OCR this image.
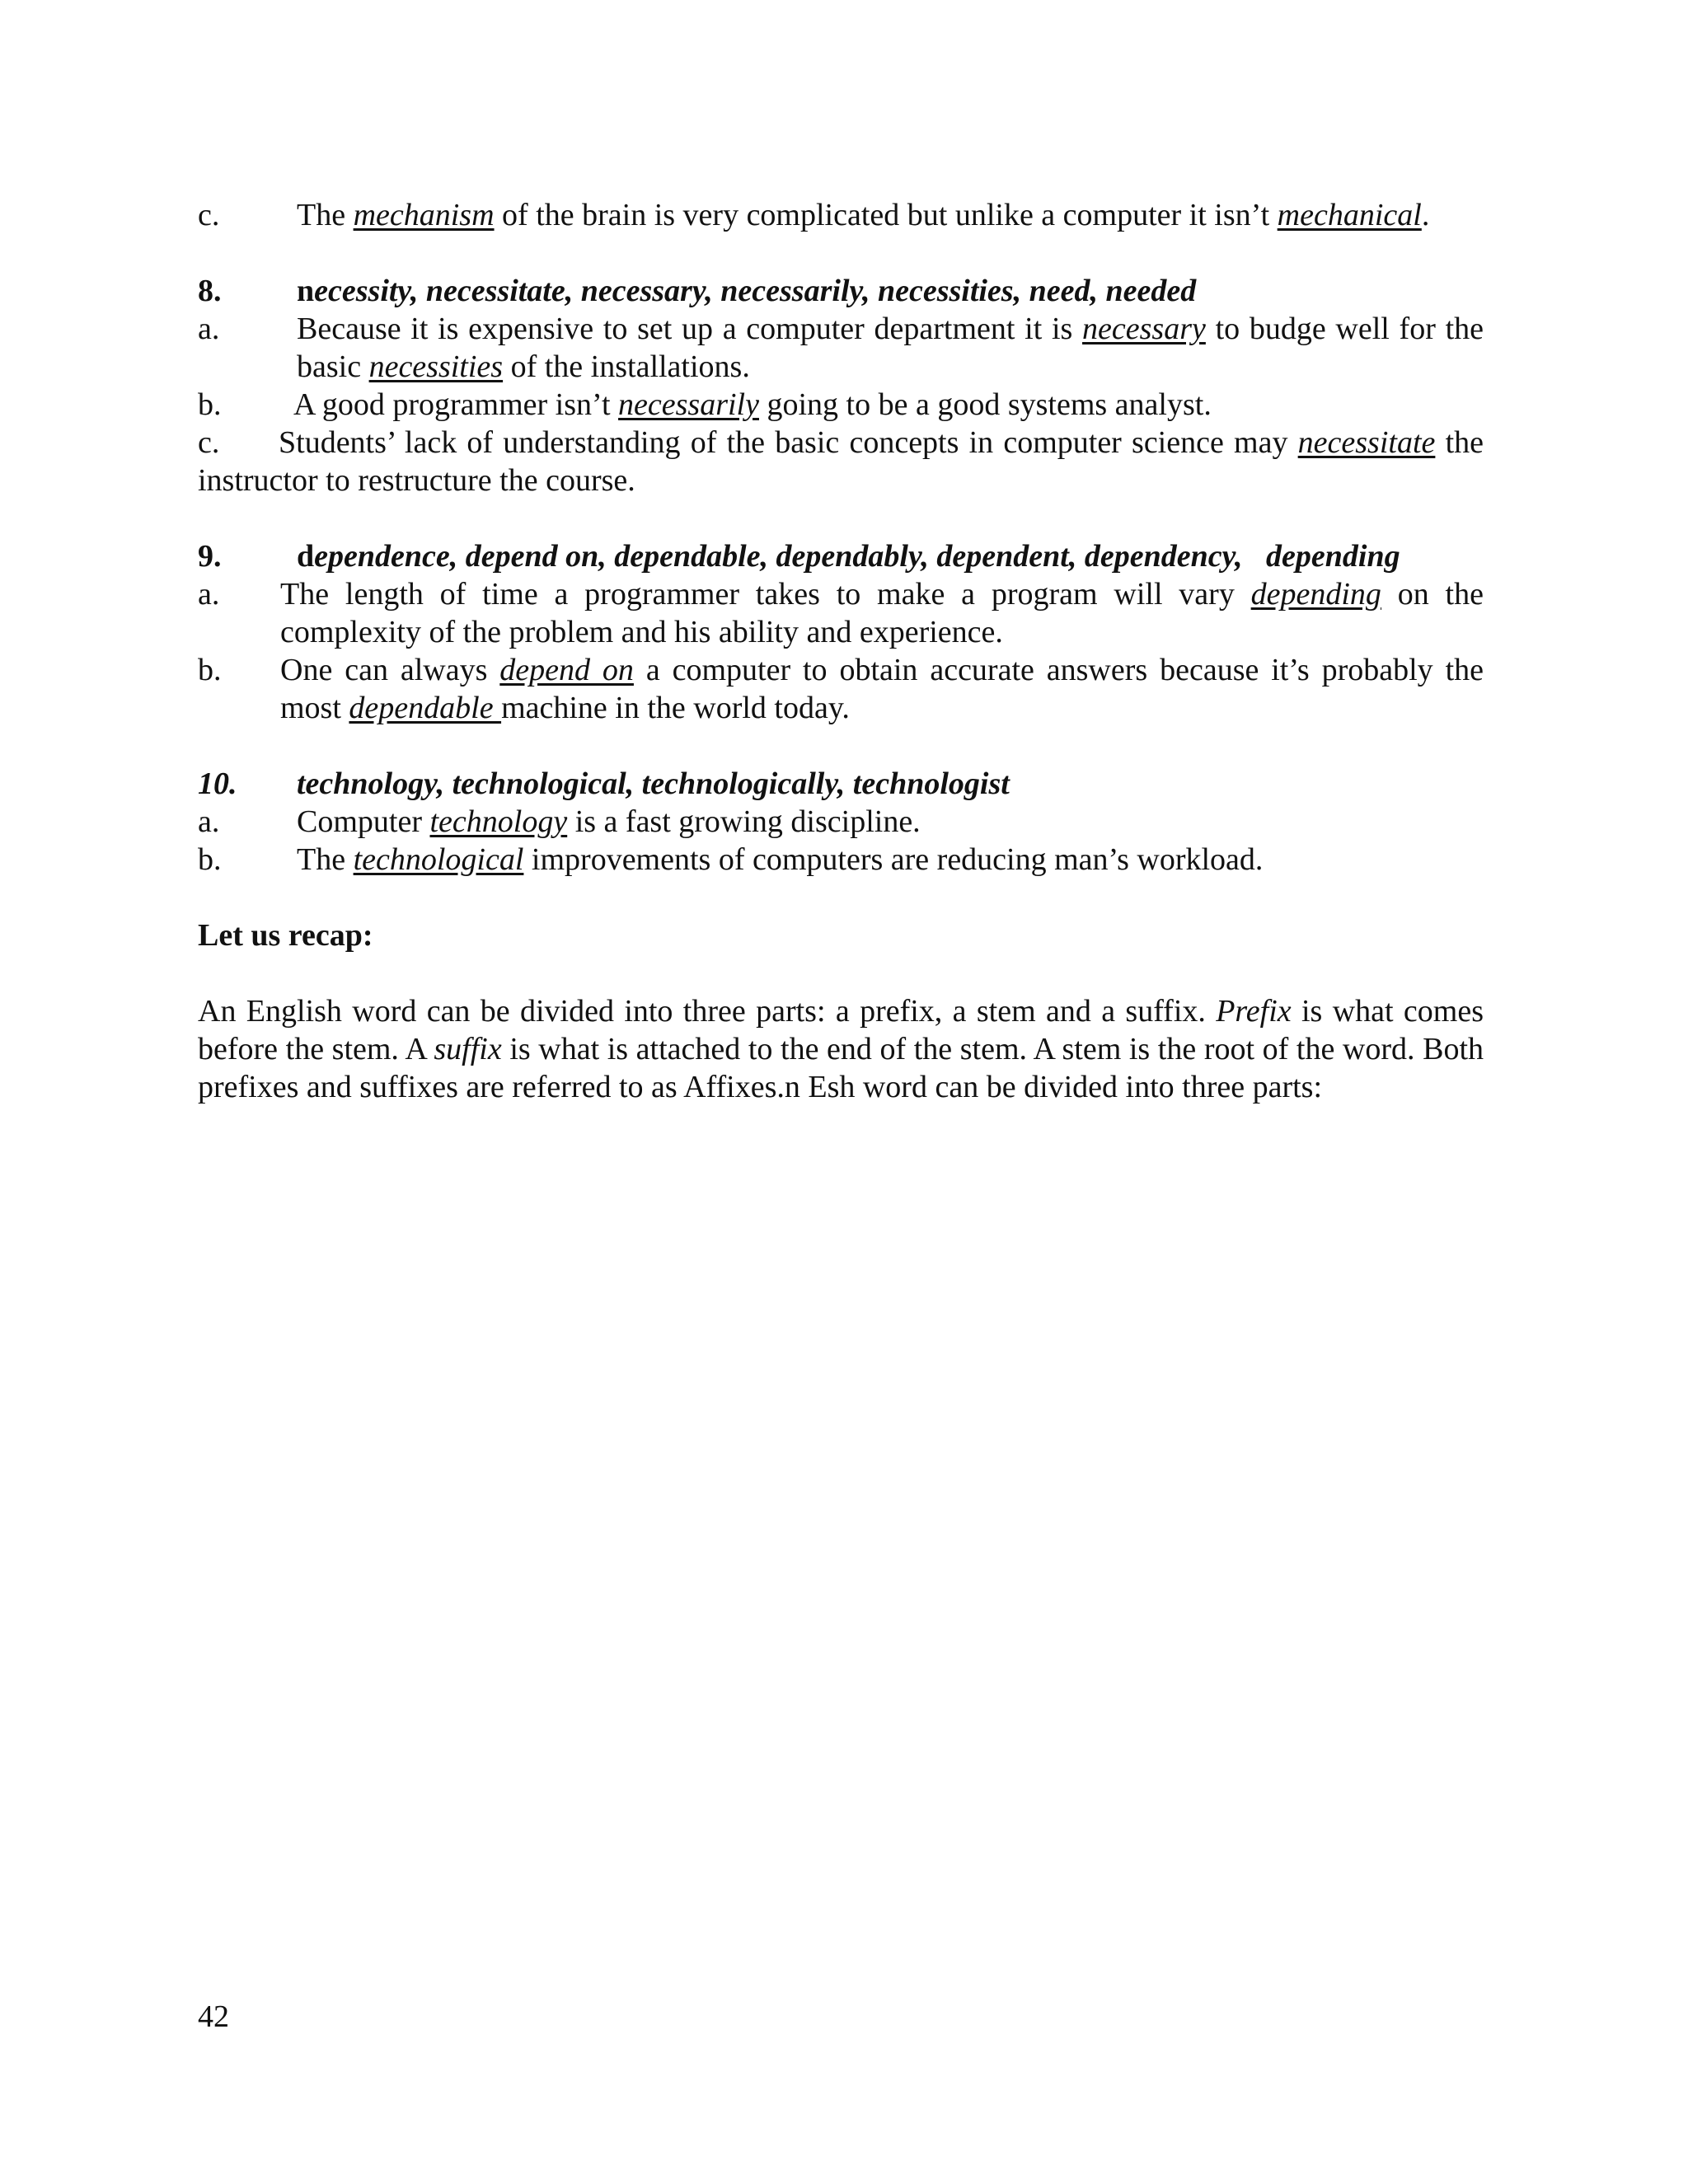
c. The mechanism of the brain is very complicated but unlike a computer it isn’t mechanical.
8. necessity, necessitate, necessary, necessarily, necessities, need, needed
a. Because it is expensive to set up a computer department it is necessary to budge well for the basic necessities of the installations.
b. A good programmer isn’t necessarily going to be a good systems analyst.
c. Students’ lack of understanding of the basic concepts in computer science may necessitate the instructor to restructure the course.
9. dependence, depend on, dependable, dependably, dependent, dependency,   depending
a. The length of time a programmer takes to make a program will vary depending on the complexity of the problem and his ability and experience.
b. One can always depend on a computer to obtain accurate answers because it’s probably the most dependable machine in the world today.
10. technology, technological, technologically, technologist
a. Computer technology is a fast growing discipline.
b. The technological improvements of computers are reducing man’s workload.
Let us recap:
An English word can be divided into three parts: a prefix, a stem and a suffix. Prefix is what comes before the stem. A suffix is what is attached to the end of the stem. A stem is the root of the word. Both prefixes and suffixes are referred to as Affixes.n Esh word can be divided into three parts:
42
